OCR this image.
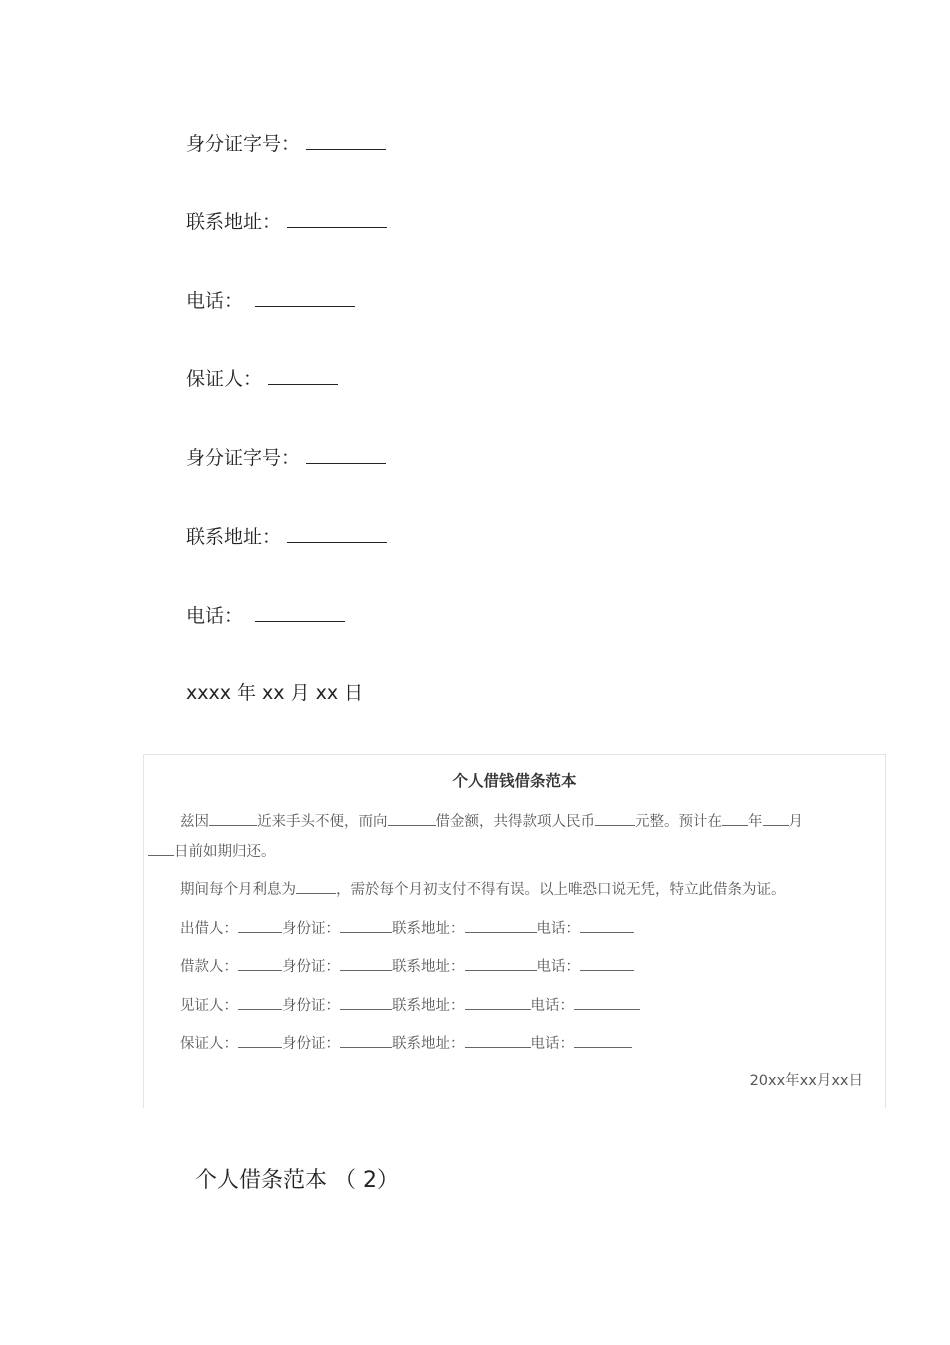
身分证字号：
联系地址：
电话：
保证人：
身分证字号：
联系地址：
电话：
xxxx 年 xx 月 xx 日
个人借钱借条范本
兹因	近来手头不便，而向	借金额，共得款项人民币	元整。预计在 年 月
日前如期归还。
期间每个月利息为	，需於每个月初支付不得有误。以上唯恐口说无凭，特立此借条为证。
出借人：	身份证：	联系地址：	电话：
借款人：	身份证：	联系地址：	电话：
见证人：	身份证：	联系地址：	电话：
保证人：	身份证：	联系地址：	电话：
20xx年xx月xx日
个人借条范本 （ 2）
